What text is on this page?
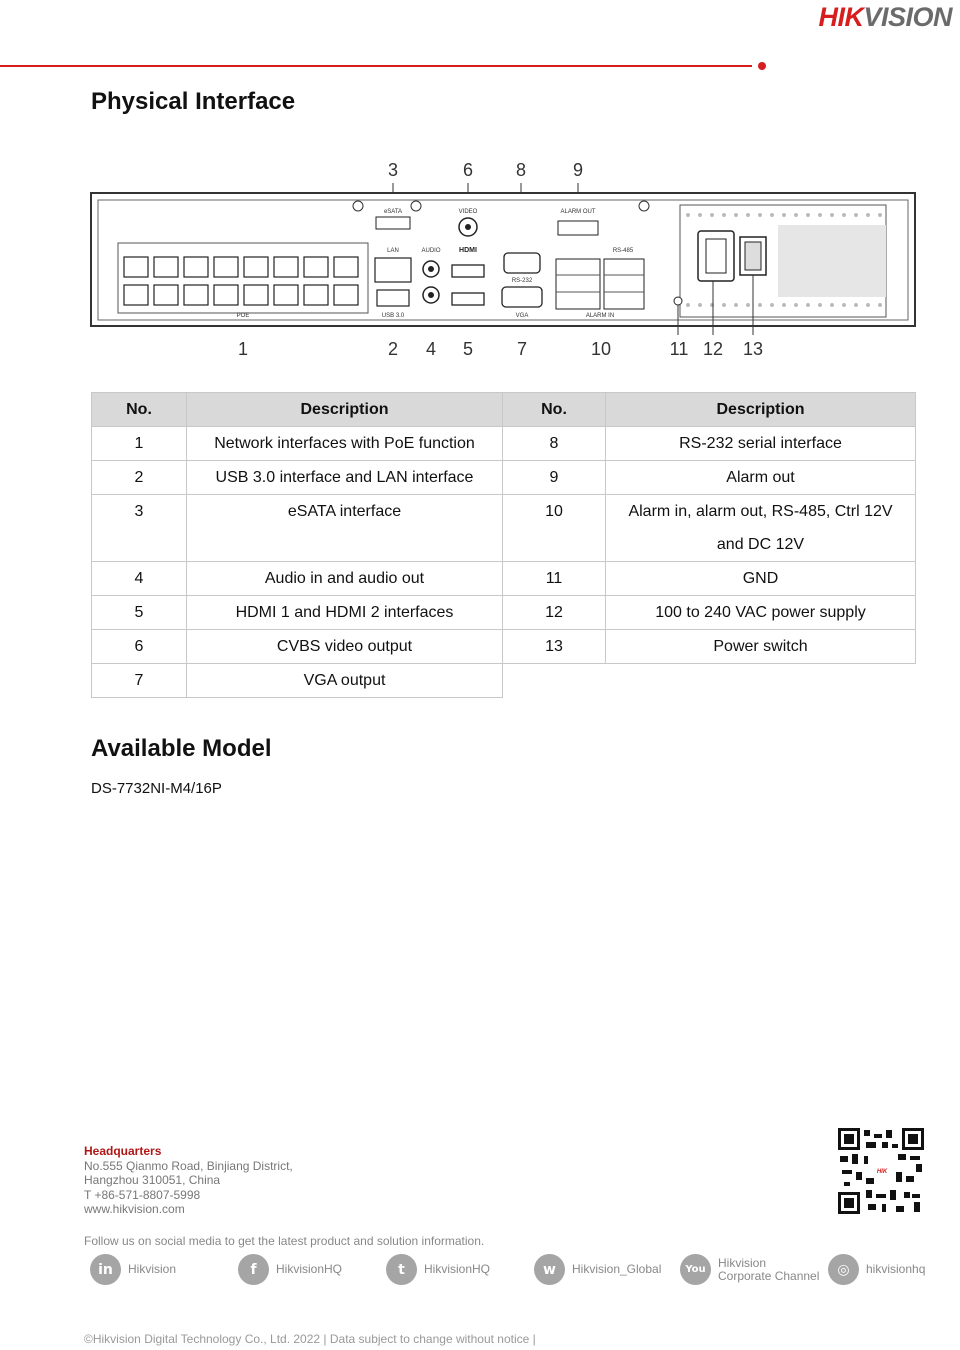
HIKVISION
Physical Interface
3	6 8	9
POE
eSATA
LAN
USB 3.0
AUDIO
VIDEO
HDMI
RS-232
VGA
ALARM OUT
RS-485
ALARM IN
1	2 4 5 7	10	11 12 13
No.	Description	No.	Description
1	Network interfaces with PoE function	8	RS-232 serial interface
2	USB 3.0 interface and LAN interface	9	Alarm out
3	eSATA interface	10	Alarm in, alarm out, RS-485, Ctrl 12V and DC 12V
4	Audio in and audio out	11	GND
5	HDMI 1 and HDMI 2 interfaces	12	100 to 240 VAC power supply
6	CVBS video output	13	Power switch
7	VGA output		
Available Model
DS-7732NI-M4/16P
Headquarters
No.555 Qianmo Road, Binjiang District,
Hangzhou 310051, China
T +86-571-8807-5998
www.hikvision.com
HIK
Follow us on social media to get the latest product and solution information.
in	Hikvision	f	HikvisionHQ	t	HikvisionHQ	w	Hikvision_Global	You	Hikvision
Corporate Channel	◎	hikvisionhq
©Hikvision Digital Technology Co., Ltd. 2022 | Data subject to change without notice |
